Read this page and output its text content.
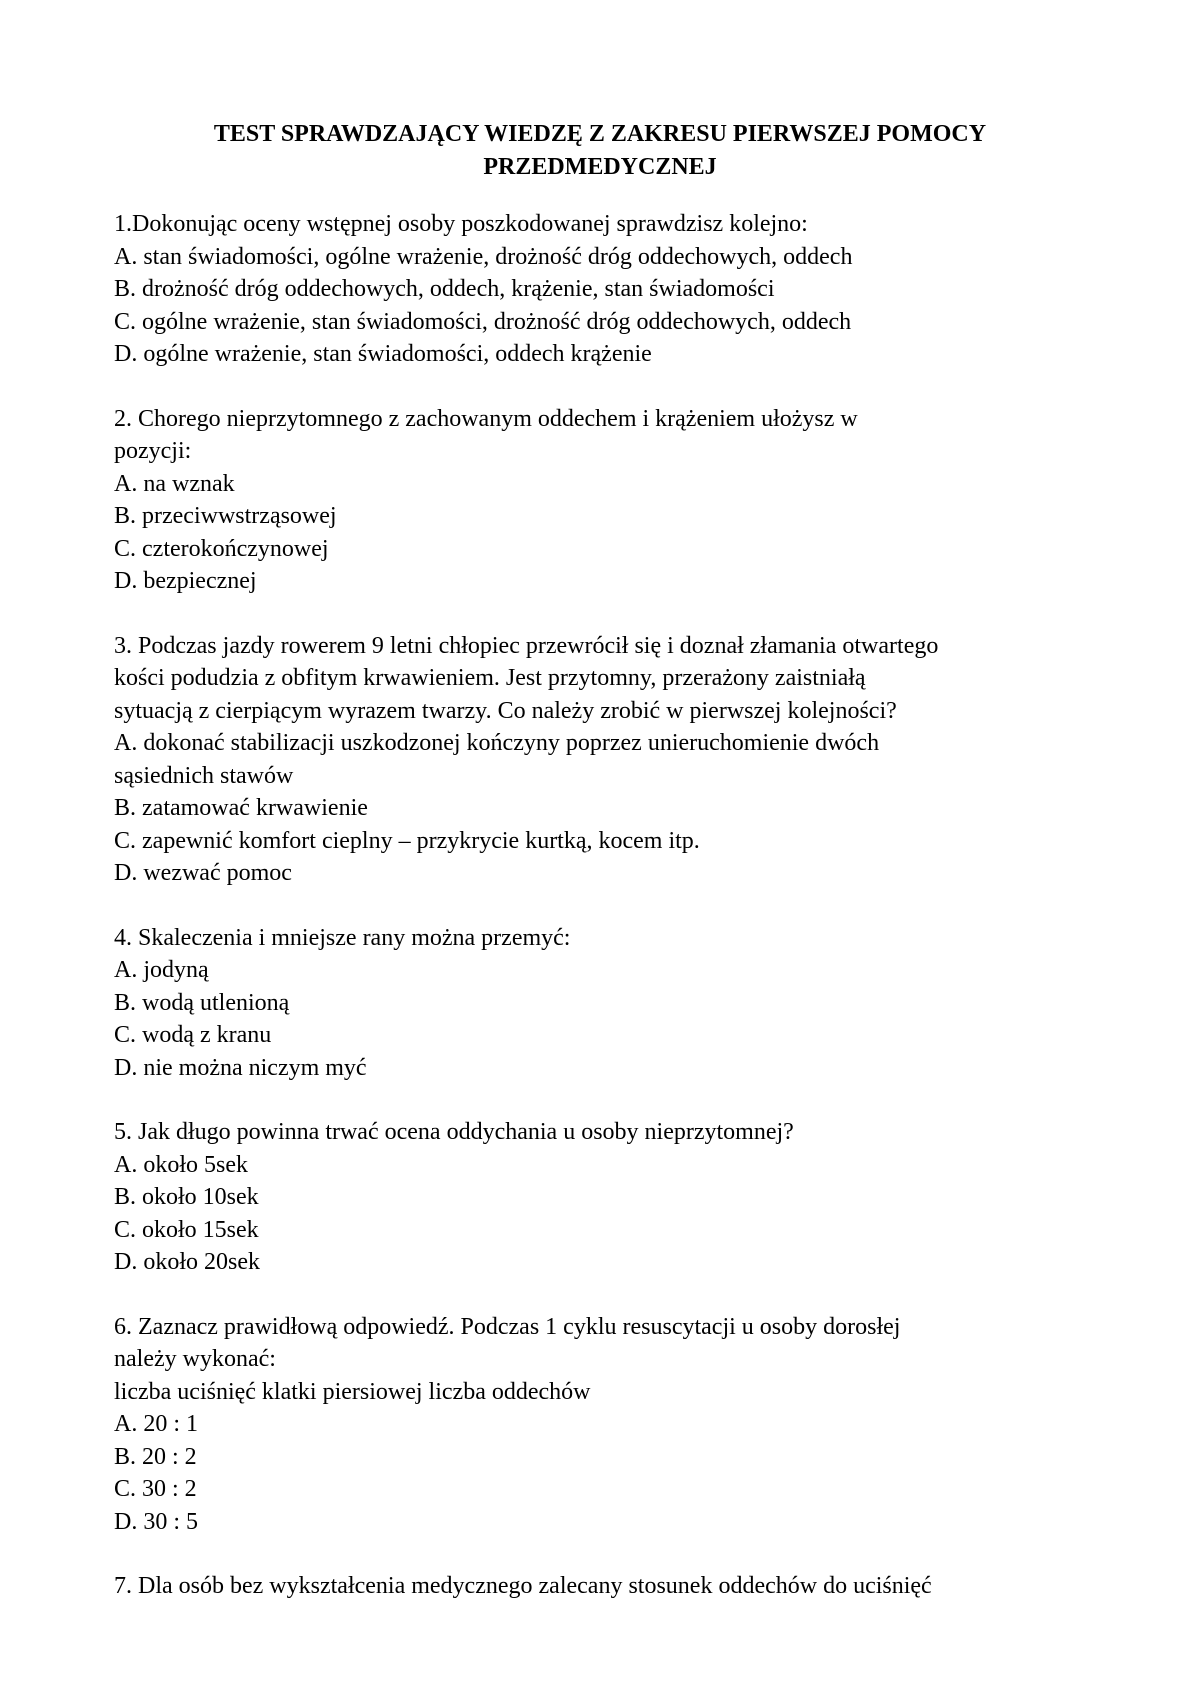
TEST SPRAWDZAJĄCY WIEDZĘ Z ZAKRESU PIERWSZEJ POMOCY
PRZEDMEDYCZNEJ
1.Dokonując oceny wstępnej osoby poszkodowanej sprawdzisz kolejno:
A. stan świadomości, ogólne wrażenie, drożność dróg oddechowych, oddech
B. drożność dróg oddechowych, oddech, krążenie, stan świadomości
C. ogólne wrażenie, stan świadomości, drożność dróg oddechowych, oddech
D. ogólne wrażenie, stan świadomości, oddech krążenie
2. Chorego nieprzytomnego z zachowanym oddechem i krążeniem ułożysz w
pozycji:
A. na wznak
B. przeciwwstrząsowej
C. czterokończynowej
D. bezpiecznej
3. Podczas jazdy rowerem 9 letni chłopiec przewrócił się i doznał złamania otwartego
kości podudzia z obfitym krwawieniem. Jest przytomny, przerażony zaistniałą
sytuacją z cierpiącym wyrazem twarzy. Co należy zrobić w pierwszej kolejności?
A. dokonać stabilizacji uszkodzonej kończyny poprzez unieruchomienie dwóch
sąsiednich stawów
B. zatamować krwawienie
C. zapewnić komfort cieplny – przykrycie kurtką, kocem itp.
D. wezwać pomoc
4. Skaleczenia i mniejsze rany można przemyć:
A. jodyną
B. wodą utlenioną
C. wodą z kranu
D. nie można niczym myć
5. Jak długo powinna trwać ocena oddychania u osoby nieprzytomnej?
A. około 5sek
B. około 10sek
C. około 15sek
D. około 20sek
6. Zaznacz prawidłową odpowiedź. Podczas 1 cyklu resuscytacji u osoby dorosłej
należy wykonać:
liczba uciśnięć klatki piersiowej liczba oddechów
A. 20 : 1
B. 20 : 2
C. 30 : 2
D. 30 : 5
7. Dla osób bez wykształcenia medycznego zalecany stosunek oddechów do uciśnięć
